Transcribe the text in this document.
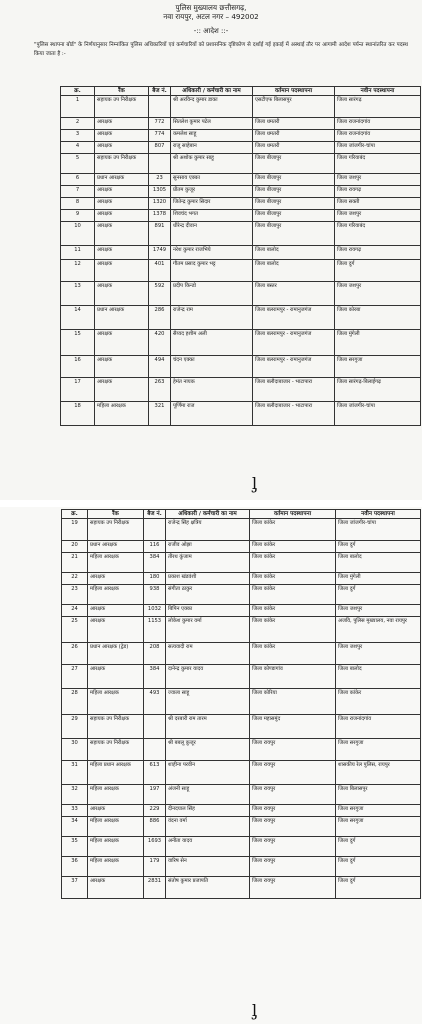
पुलिस मुख्यालय छत्तीसगढ़,
नवा रायपुर, अटल नगर – 492002
-:: आदेश ::-
"पुलिस स्थापना बोर्ड" के निर्णयानुसार निम्नांकित पुलिस अधिकारियों एवं कर्मचारियों को प्रशासनिक दृष्टिकोण से दर्शाई गई इकाई में अस्थाई तौर पर आगामी आदेश पर्यन्त स्थानांतरित कर पदस्थ किया जाता है :-
क्र.	रैंक	बैज नं.	अधिकारी / कर्मचारी का नाम	वर्तमान पदस्थापना	नवीन पदस्थापना
1	सहायक उप निरीक्षक		श्री अरविन्द कुमार डाका	एसटीएफ बिलासपुर	जिला सारंगढ़
2	आरक्षक	772	सितलेश कुमार पटेल	जिला धमतरी	जिला राजनांदगांव
3	आरक्षक	774	कमलेश साहू	जिला धमतरी	जिला राजनांदगांव
4	आरक्षक	807	राजू साहेबान	जिला धमतरी	जिला जांजगीर-चांपा
5	सहायक उप निरीक्षक		श्री अशोक कुमार साहू	जिला बीजापुर	जिला गरियाबंद
6	प्रधान आरक्षक	23	सुनसाय एक्का	जिला बीजापुर	जिला जशपुर
7	आरक्षक	1305	प्रीतम कुजूर	जिला बीजापुर	जिला रायगढ़
8	आरक्षक	1320	जितेन्द्र कुमार सिदार	जिला बीजापुर	जिला सक्ती
9	आरक्षक	1378	शिवचंद भगत	जिला बीजापुर	जिला जशपुर
10	आरक्षक	891	धीरेन्द्र दीवान	जिला बीजापुर	जिला गरियाबंद
11	आरक्षक	1749	नरेश कुमार राजभिये	जिला बालोद	जिला रायगढ़
12	आरक्षक	401	गौतम प्रसाद कुमार भट्ट	जिला बालोद	जिला दुर्ग
13	आरक्षक	592	प्रदीप किन्डो	जिला बस्तर	जिला जशपुर
14	प्रधान आरक्षक	286	राजेन्द्र राम	जिला बलरामपुर - रामानुजगंज	जिला कोरबा
15	आरक्षक	420	सैय्यद हशीम अली	जिला बलरामपुर - रामानुजगंज	जिला मुंगेली
16	आरक्षक	494	चंदन एक्का	जिला बलरामपुर - रामानुजगंज	जिला सरगुजा
17	आरक्षक	263	हेमंत नायक	जिला बलौदाबाजार - भाटापारा	जिला सारंगढ़-बिलाईगढ़
18	महिला आरक्षक	321	पूर्णिमा राज	जिला बलौदाबाजार - भाटापारा	जिला जांजगीर-चांपा
ᶅ
क्र.	रैंक	बैज नं.	अधिकारी / कर्मचारी का नाम	वर्तमान पदस्थापना	नवीन पदस्थापना
19	सहायक उप निरीक्षक		राजेन्द्र सिंह क्षत्रिय	जिला कांकेर	जिला जांजगीर-चांपा
20	प्रधान आरक्षक	116	राजीव ओझा	जिला कांकेर	जिला दुर्ग
21	महिला आरक्षक	384	तीरथ कुंजाम	जिला कांकेर	जिला बालोद
22	आरक्षक	180	प्रकाश खंडवंशी	जिला कांकेर	जिला मुंगेली
23	महिला आरक्षक	938	संगीता ठाकुर	जिला कांकेर	जिला दुर्ग
24	आरक्षक	1032	बिपिन एक्का	जिला कांकेर	जिला जशपुर
25	आरक्षक	1153	लोकेश कुमार वर्मा	जिला कांकेर	अजवि, पुलिस मुख्यालय, नवा रायपुर
26	प्रधान आरक्षक (ट्रेड)	208	सत्यवादी राम	जिला कांकेर	जिला जशपुर
27	आरक्षक	384	दानेन्द्र कुमार यादव	जिला कोण्डागांव	जिला बालोद
28	महिला आरक्षक	493	ज्वाला साहू	जिला कोरिया	जिला कांकेर
29	सहायक उप निरीक्षक		श्री दरबारी राम तारम	जिला महासमुंद	जिला राजनांदगांव
30	सहायक उप निरीक्षक		श्री बबलू कुजूर	जिला रायपुर	जिला सरगुजा
31	महिला प्रधान आरक्षक	613	शाहीना परवीन	जिला रायपुर	शासकीय रेल पुलिस, रायपुर
32	महिला आरक्षक	197	अंजनी साहू	जिला रायपुर	जिला बिलासपुर
33	आरक्षक	229	दीनदयाल सिंह	जिला रायपुर	जिला सरगुजा
34	महिला आरक्षक	886	वंदना वर्मा	जिला रायपुर	जिला सरगुजा
35	महिला आरक्षक	1693	अनीता यादव	जिला रायपुर	जिला दुर्ग
36	महिला आरक्षक	179	वारिष सेन	जिला रायपुर	जिला दुर्ग
37	आरक्षक	2831	संतोष कुमार प्रजापति	जिला रायपुर	जिला दुर्ग
ᶅ
